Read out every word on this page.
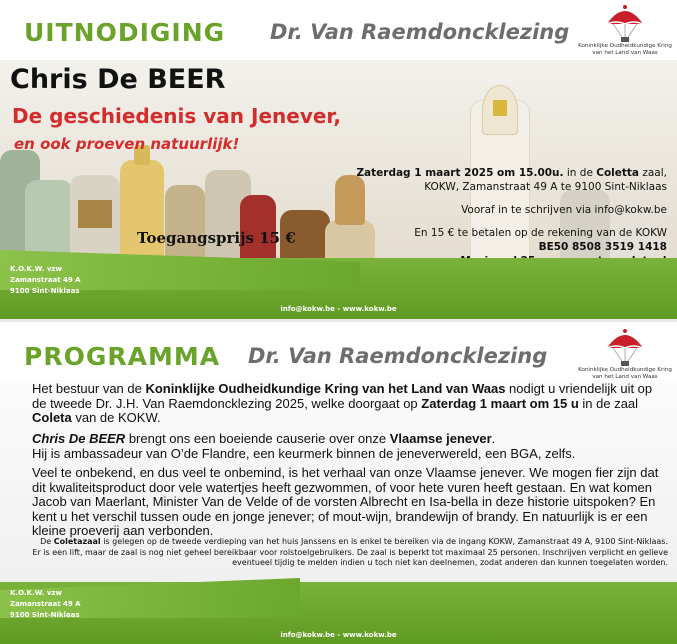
UITNODIGING Dr. Van Raemdoncklezing
Koninklijke Oudheidkundige Kring
van het Land van Waas
Chris De BEER
De geschiedenis van Jenever,
en ook proeven natuurlijk!
Zaterdag 1 maart 2025 om 15.00u. in de Coletta zaal,
KOKW, Zamanstraat 49 A te 9100 Sint-Niklaas
Vooraf in te schrijven via info@kokw.be
En 15 € te betalen op de rekening van de KOKW
BE50 8508 3519 1418
Toegangsprijs 15 €
K.O.K.W. vzw
Zamanstraat 49 A
9100 Sint-Niklaas
info@kokw.be - www.kokw.be
PROGRAMMA Dr. Van Raemdoncklezing
Koninklijke Oudheidkundige Kring
van het Land van Waas
Het bestuur van de Koninklijke Oudheidkundige Kring van het Land van Waas nodigt u vriendelijk uit op de tweede Dr. J.H. Van Raemdoncklezing 2025, welke doorgaat op Zaterdag 1 maart om 15 u in de zaal Coleta van de KOKW.
Chris De BEER brengt ons een boeiende causerie over onze Vlaamse jenever.
Hij is ambassadeur van O’de Flandre, een keurmerk binnen de jeneverwereld, een BGA, zelfs.
Veel te onbekend, en dus veel te onbemind, is het verhaal van onze Vlaamse jenever. We mogen fier zijn dat dit kwaliteitsproduct door vele watertjes heeft gezwommen, of voor hete vuren heeft gestaan. En wat komen Jacob van Maerlant, Minister Van de Velde of de vorsten Albrecht en Isa-bella in deze historie uitspoken? En kent u het verschil tussen oude en jonge jenever; of mout-wijn, brandewijn of brandy. En natuurlijk is er een kleine proeverij aan verbonden.
De Coletazaal is gelegen op de tweede verdieping van het huis Janssens en is enkel te bereiken via de ingang KOKW, Zamanstraat 49 A, 9100 Sint-Niklaas. Er is een lift, maar de zaal is nog niet geheel bereikbaar voor rolstoelgebruikers. De zaal is beperkt tot maximaal 25 personen. Inschrijven verplicht en gelieve eventueel tijdig te melden indien u toch niet kan deelnemen, zodat anderen dan kunnen toegelaten worden.
K.O.K.W. vzw
Zamanstraat 49 A
9100 Sint-Niklaas
info@kokw.be - www.kokw.be
